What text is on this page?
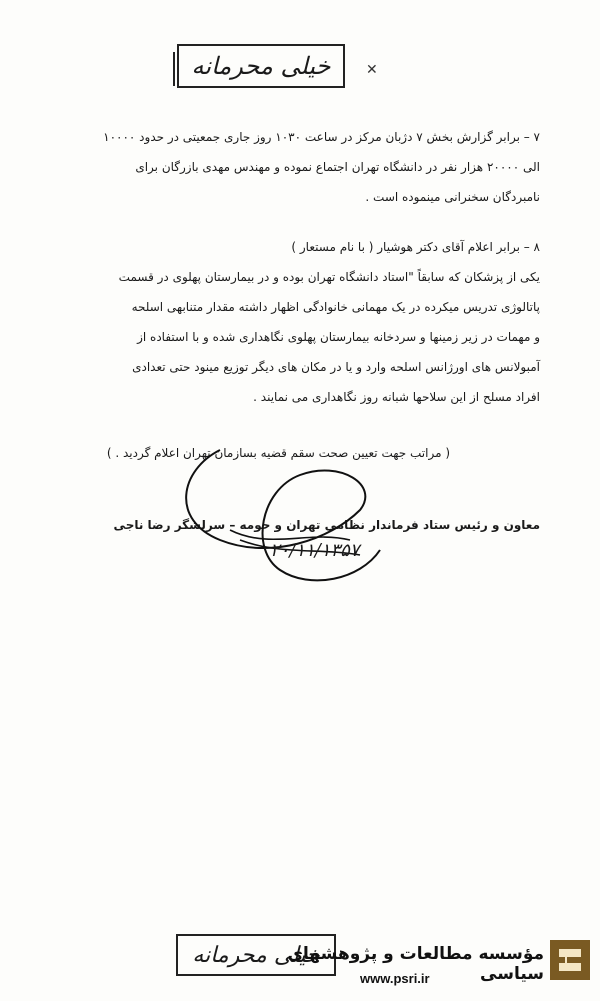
خیلی محرمانه	✕

۷ – برابر گزارش بخش ۷ دژبان مرکز در ساعت ۱۰۳۰ روز جاری جمعیتی در حدود ۱۰۰۰۰

الی ۲۰۰۰۰ هزار نفر در دانشگاه تهران اجتماع نموده و مهندس مهدی بازرگان برای

نامبردگان سخنرانی مینموده است .

۸ – برابر اعلام آقای دکتر هوشیار ( با نام مستعار )

یکی از پزشکان که سابقاً "استاد دانشگاه تهران بوده و در بیمارستان پهلوی در قسمت

پاتالوژی تدریس میکرده در یک مهمانی خانوادگی اظهار داشته مقدار متنابهی اسلحه

و مهمات در زیر زمینها و سردخانه بیمارستان پهلوی نگاهداری شده و با استفاده از

آمبولانس های اورژانس اسلحه وارد و یا در مکان های دیگر توزیع مینود حتی تعدادی

افراد مسلح از این سلاحها شبانه روز نگاهداری می نمایند .

( مراتب جهت تعیین صحت سقم قضیه بسازمان تهران اعلام گردید . )

معاون و رئیس ستاد فرماندار نظامی تهران و حومه – سرلشگر رضا ناجی

۲۰/۱۱/۱۳۵۷
خیلی محرمانه
مؤسسه مطالعات و پژوهشهای سیاسی
www.psri.ir
